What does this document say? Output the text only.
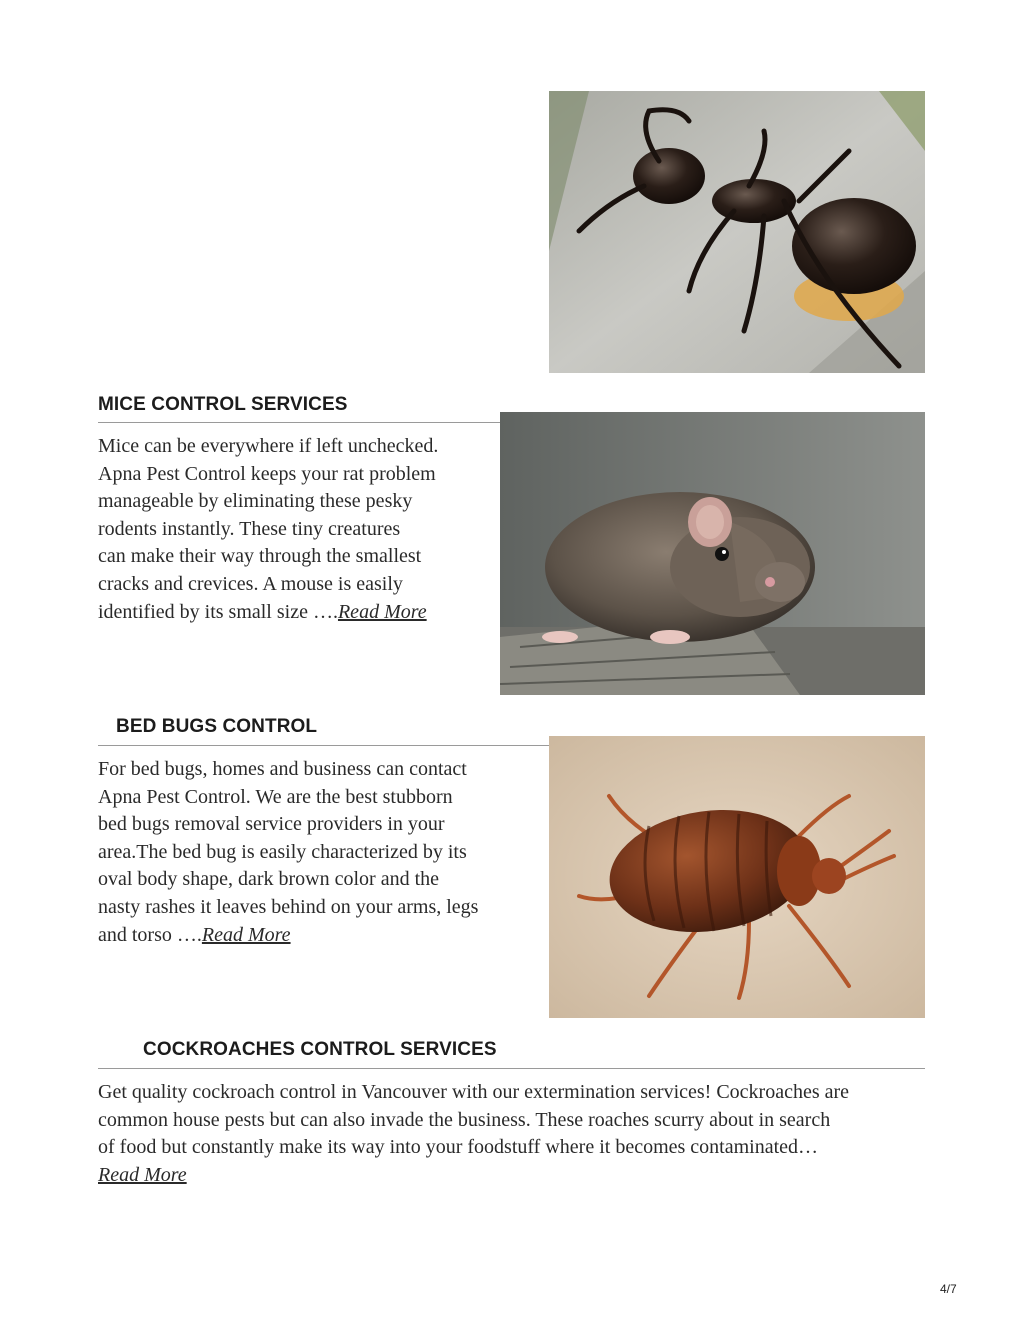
MICE CONTROL SERVICES
Mice can be everywhere if left unchecked.
Apna Pest Control keeps your rat problem
manageable by eliminating these pesky
rodents instantly. These tiny creatures
can make their way through the smallest
cracks and crevices. A mouse is easily
identified by its small size ….Read More
BED BUGS CONTROL
For bed bugs, homes and business can contact
Apna Pest Control. We are the best stubborn
bed bugs removal service providers in your
area.The bed bug is easily characterized by its
oval body shape, dark brown color and the
nasty rashes it leaves behind on your arms, legs
and torso ….Read More
COCKROACHES CONTROL SERVICES
Get quality cockroach control in Vancouver with our extermination services! Cockroaches are
common house pests but can also invade the business. These roaches scurry about in search
of food but constantly make its way into your foodstuff where it becomes contaminated…
Read More
4/7
